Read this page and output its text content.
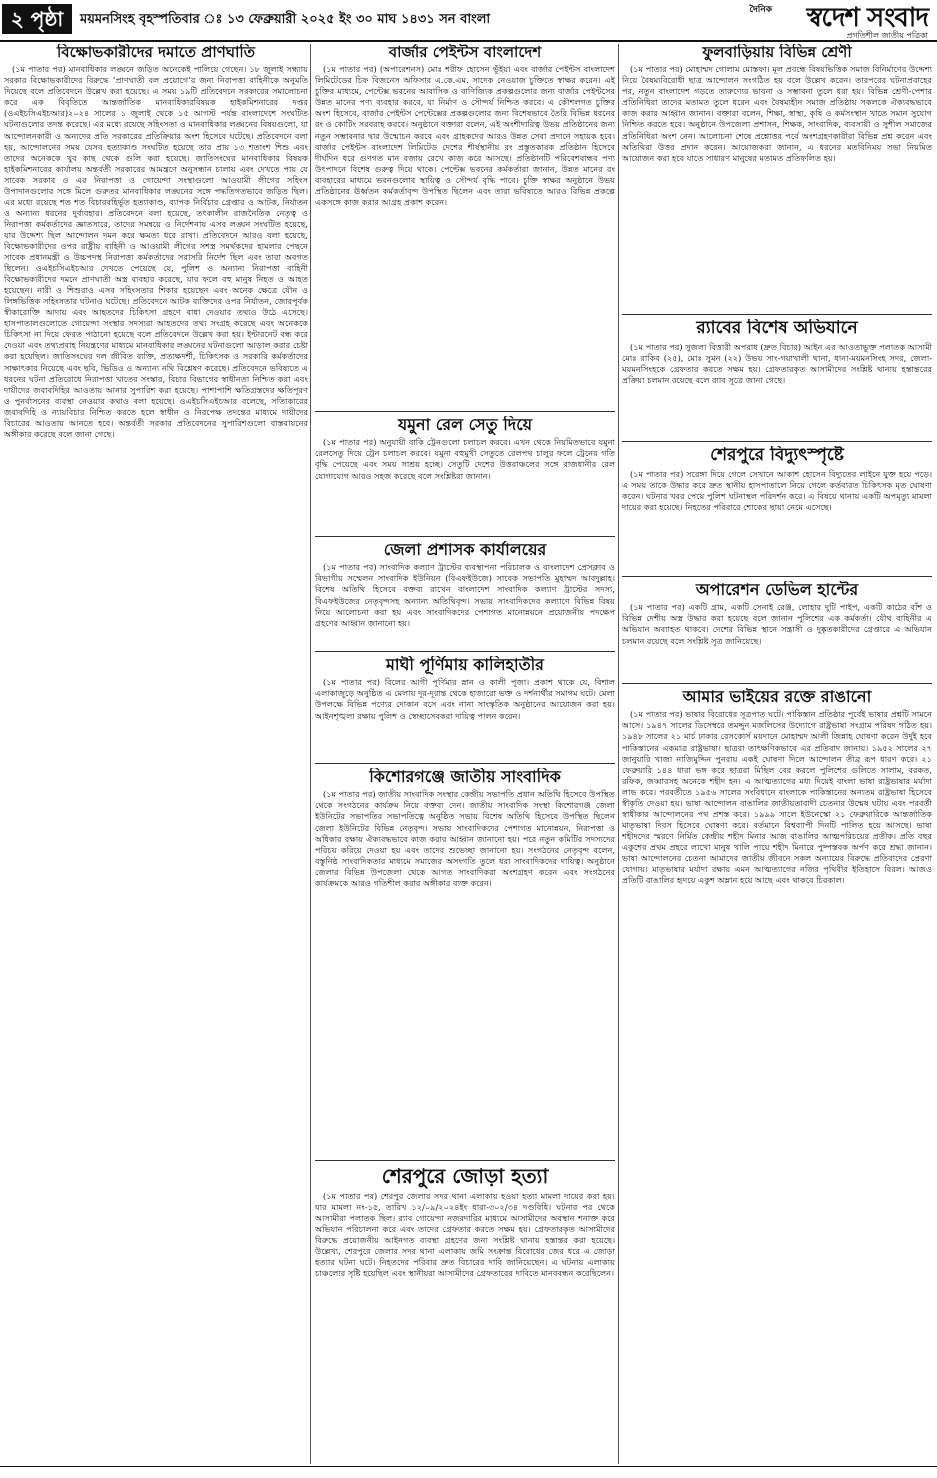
২ পৃষ্ঠা	ময়মনসিংহ বৃহস্পতিবার ঃ ১৩ ফেব্রুয়ারী ২০২৫ ইং ৩০ মাঘ ১৪৩১ সন বাংলা
দৈনিক স্বদেশ সংবাদ
প্রগতিশীল জাতীয় পত্রিকা
বিক্ষোভকারীদের দমাতে প্রাণঘাতি

(১ম পাতার পর) মানবাধিকার লঙ্ঘনে জড়িত অনেকেই পালিয়ে গেছেন। ১৮ জুলাই সন্ধ্যায় সরকার বিক্ষোভকারীদের বিরুদ্ধে ‘প্রাণঘাতী বল প্রয়োগে’র জন্য নিরাপত্তা বাহিনীকে অনুমতি দিয়েছে বলে প্রতিবেদনে উল্লেখ করা হয়েছে। এ সময় ১৯টি প্রতিবেদনে সরকারের সমালোচনা করে এক বিবৃতিতে আন্তর্জাতিক মানবাধিকারবিষয়ক হাইকমিশনারের দপ্তর (ওএইচসিএইচআর)২০২৪ সালের ১ জুলাই থেকে ১৫ আগস্ট পর্যন্ত বাংলাদেশে সংঘটিত ঘটনাগুলোর তদন্ত করেছে। এর মধ্যে রয়েছে সহিংসতা ও মানবাধিকার লঙ্ঘনের বিষয়গুলো, যা আন্দোলনকারী ও অন্যদের প্রতি সরকারের প্রতিক্রিয়ার অংশ হিসেবে ঘটেছে। প্রতিবেদনে বলা হয়, আন্দোলনের সময় যেসব হত্যাকাণ্ড সংঘটিত হয়েছে তার প্রায় ১৩ শতাংশ শিশু এবং তাদের অনেককে খুব কাছ থেকে গুলি করা হয়েছে। জাতিসংঘের মানবাধিকার বিষয়ক হাইকমিশনারের কার্যালয় অন্তর্বর্তী সরকারের আমন্ত্রণে অনুসন্ধান চালায় এবং দেখতে পায় যে সাবেক সরকার ও এর নিরাপত্তা ও গোয়েন্দা সংস্থাগুলো আওয়ামী লীগের সহিংস উপাদানগুলোর সঙ্গে মিলে গুরুতর মানবাধিকার লঙ্ঘনের সঙ্গে পদ্ধতিগতভাবে জড়িত ছিল। এর মধ্যে রয়েছে শত শত বিচারবহির্ভূত হত্যাকাণ্ড, ব্যাপক নির্বিচার গ্রেপ্তার ও আটক, নির্যাতন ও অন্যান্য ধরনের দুর্ব্যবহার। প্রতিবেদনে বলা হয়েছে, তৎকালীন রাজনৈতিক নেতৃত্ব ও নিরাপত্তা কর্মকর্তাদের জ্ঞাতসারে, তাদের সমন্বয়ে ও নির্দেশনায় এসব লঙ্ঘন সংঘটিত হয়েছে, যার উদ্দেশ্য ছিল আন্দোলন দমন করে ক্ষমতা ধরে রাখা। প্রতিবেদনে আরও বলা হয়েছে, বিক্ষোভকারীদের ওপর রাষ্ট্রীয় বাহিনী ও আওয়ামী লীগের সশস্ত্র সমর্থকদের হামলার পেছনে সাবেক প্রধানমন্ত্রী ও উচ্চপদস্থ নিরাপত্তা কর্মকর্তাদের সরাসরি নির্দেশ ছিল এবং তারা অবগত ছিলেন। ওএইচসিএইচআর দেখতে পেয়েছে যে, পুলিশ ও অন্যান্য নিরাপত্তা বাহিনী বিক্ষোভকারীদের দমনে প্রাণঘাতী অস্ত্র ব্যবহার করেছে, যার ফলে বহু মানুষ নিহত ও আহত হয়েছেন। নারী ও শিশুরাও এসব সহিংসতার শিকার হয়েছেন এবং অনেক ক্ষেত্রে যৌন ও লিঙ্গভিত্তিক সহিংসতার ঘটনাও ঘটেছে। প্রতিবেদনে আটক ব্যক্তিদের ওপর নির্যাতন, জোরপূর্বক স্বীকারোক্তি আদায় এবং আহতদের চিকিৎসা গ্রহণে বাধা দেওয়ার তথ্যও উঠে এসেছে। হাসপাতালগুলোতে গোয়েন্দা সংস্থার সদস্যরা আহতদের তথ্য সংগ্রহ করেছে এবং অনেককে চিকিৎসা না দিয়ে ফেরত পাঠানো হয়েছে বলে প্রতিবেদনে উল্লেখ করা হয়। ইন্টারনেট বন্ধ করে দেওয়া এবং তথ্যপ্রবাহ নিয়ন্ত্রণের মাধ্যমে মানবাধিকার লঙ্ঘনের ঘটনাগুলো আড়াল করার চেষ্টা করা হয়েছিল। জাতিসংঘের দল জীবিত ব্যক্তি, প্রত্যক্ষদর্শী, চিকিৎসক ও সরকারি কর্মকর্তাদের সাক্ষাৎকার নিয়েছে এবং ছবি, ভিডিও ও অন্যান্য নথি বিশ্লেষণ করেছে। প্রতিবেদনে ভবিষ্যতে এ ধরনের ঘটনা প্রতিরোধে নিরাপত্তা খাতের সংস্কার, বিচার বিভাগের স্বাধীনতা নিশ্চিত করা এবং দায়ীদের জবাবদিহির আওতায় আনার সুপারিশ করা হয়েছে। পাশাপাশি ক্ষতিগ্রস্তদের ক্ষতিপূরণ ও পুনর্বাসনের ব্যবস্থা নেওয়ার কথাও বলা হয়েছে। ওএইচসিএইচআর বলেছে, সত্যিকারের জবাবদিহি ও ন্যায়বিচার নিশ্চিত করতে হলে স্বাধীন ও নিরপেক্ষ তদন্তের মাধ্যমে দায়ীদের বিচারের আওতায় আনতে হবে। অন্তর্বর্তী সরকার প্রতিবেদনের সুপারিশগুলো বাস্তবায়নের অঙ্গীকার করেছে বলে জানা গেছে।

বার্জার পেইন্টস বাংলাদেশ

(১ম পাতার পর) (অপারেশনস) মোঃ শরীফ হোসেন ভূঁইয়া এবং বার্জার পেইন্টস বাংলাদেশ লিমিটেডের চিফ বিজনেস অফিসার এ.কে.এম. সাদেক নেওয়াজ চুক্তিতে স্বাক্ষর করেন। এই চুক্তির মাধ্যমে, পেন্টেক্স ভবনের আবাসিক ও বাণিজ্যিক প্রকল্পগুলোর জন্য বার্জার পেইন্টসের উন্নত মানের পণ্য ব্যবহার করবে, যা নির্মাণ ও সৌন্দর্য নিশ্চিত করবে। এ কৌশলগত চুক্তির অংশ হিসেবে, বার্জার পেইন্টস পেন্টেক্সের প্রকল্পগুলোর জন্য বিশেষভাবে তৈরি বিভিন্ন ধরনের রং ও কোটিং সরবরাহ করবে। অনুষ্ঠানে বক্তারা বলেন, এই অংশীদারিত্ব উভয় প্রতিষ্ঠানের জন্য নতুন সম্ভাবনার দ্বার উন্মোচন করবে এবং গ্রাহকদের আরও উন্নত সেবা প্রদানে সহায়ক হবে। বার্জার পেইন্টস বাংলাদেশ লিমিটেড দেশের শীর্ষস্থানীয় রং প্রস্তুতকারক প্রতিষ্ঠান হিসেবে দীর্ঘদিন ধরে গুণগত মান বজায় রেখে কাজ করে আসছে। প্রতিষ্ঠানটি পরিবেশবান্ধব পণ্য উৎপাদনে বিশেষ গুরুত্ব দিয়ে থাকে। পেন্টেক্স ভবনের কর্মকর্তারা জানান, উন্নত মানের রং ব্যবহারের মাধ্যমে ভবনগুলোর স্থায়িত্ব ও সৌন্দর্য বৃদ্ধি পাবে। চুক্তি স্বাক্ষর অনুষ্ঠানে উভয় প্রতিষ্ঠানের ঊর্ধ্বতন কর্মকর্তাবৃন্দ উপস্থিত ছিলেন এবং তারা ভবিষ্যতে আরও বিভিন্ন প্রকল্পে একসঙ্গে কাজ করার আগ্রহ প্রকাশ করেন।

যমুনা রেল সেতু দিয়ে

(১ম পাতার পর) অনুযায়ী বাকি ট্রেনগুলো চলাচল করবে। এখন থেকে নিয়মিতভাবে যমুনা রেলসেতু দিয়ে ট্রেন চলাচল করবে। যমুনা বহুমুখী সেতুতে রেলপথ চালুর ফলে ট্রেনের গতি বৃদ্ধি পেয়েছে এবং সময় সাশ্রয় হচ্ছে। সেতুটি দেশের উত্তরাঞ্চলের সঙ্গে রাজধানীর রেল যোগাযোগ আরও সহজ করেছে বলে সংশ্লিষ্টরা জানান।

জেলা প্রশাসক কার্যালয়ের

(১ম পাতার পর) সাংবাদিক কল্যাণ ট্রাস্টের ব্যবস্থাপনা পরিচালক ও বাংলাদেশ প্রেসক্লাব ও বিভাগীয় সম্মেলন সাংবাদিক ইউনিয়ন (বিএফইউজে) সাবেক সভাপতি মুহাম্মদ আবদুল্লাহ। বিশেষ অতিথি হিসেবে বক্তব্য রাখেন বাংলাদেশ সাংবাদিক কল্যাণ ট্রাস্টের সদস্য, বিএফইউজের নেতৃবৃন্দসহ অন্যান্য অতিথিবৃন্দ। সভায় সাংবাদিকদের কল্যাণে বিভিন্ন বিষয় নিয়ে আলোচনা করা হয় এবং সাংবাদিকদের পেশাগত মানোন্নয়নে প্রয়োজনীয় পদক্ষেপ গ্রহণের আহ্বান জানানো হয়।

মাঘী পূর্ণিমায় কালিহাতীর

(১ম পাতার পর) বিলের আগী পূর্ণিমার স্নান ও কালী পূজা। প্রকাশ থাকে যে, বিশাল এলাকাজুড়ে অনুষ্ঠিত এ মেলায় দূর-দূরান্ত থেকে হাজারো ভক্ত ও দর্শনার্থীর সমাগম ঘটে। মেলা উপলক্ষে বিভিন্ন পণ্যের দোকান বসে এবং নানা সাংস্কৃতিক অনুষ্ঠানের আয়োজন করা হয়। আইনশৃঙ্খলা রক্ষায় পুলিশ ও স্বেচ্ছাসেবকরা দায়িত্ব পালন করেন।

কিশোরগঞ্জে জাতীয় সাংবাদিক

(১ম পাতার পর) জাতীয় সাংবাদিক সংস্থার কেন্দ্রীয় সভাপতি প্রধান অতিথি হিসেবে উপস্থিত থেকে সংগঠনের কার্যক্রম নিয়ে বক্তব্য দেন। জাতীয় সাংবাদিক সংস্থা কিশোরগঞ্জ জেলা ইউনিটের সভাপতির সভাপতিত্বে অনুষ্ঠিত সভায় বিশেষ অতিথি হিসেবে উপস্থিত ছিলেন জেলা ইউনিটের বিভিন্ন নেতৃবৃন্দ। সভায় সাংবাদিকদের পেশাগত মানোন্নয়ন, নিরাপত্তা ও অধিকার রক্ষায় ঐক্যবদ্ধভাবে কাজ করার আহ্বান জানানো হয়। পরে নতুন কমিটির সদস্যদের পরিচয় করিয়ে দেওয়া হয় এবং তাদের শুভেচ্ছা জানানো হয়। সংগঠনের নেতৃবৃন্দ বলেন, বস্তুনিষ্ঠ সাংবাদিকতার মাধ্যমে সমাজের অসংগতি তুলে ধরা সাংবাদিকদের দায়িত্ব। অনুষ্ঠানে জেলার বিভিন্ন উপজেলা থেকে আগত সাংবাদিকরা অংশগ্রহণ করেন এবং সংগঠনের কার্যক্রমকে আরও গতিশীল করার অঙ্গীকার ব্যক্ত করেন।

শেরপুরে জোড়া হত্যা

(১ম পাতার পর) শেরপুর জেলার সদর থানা এলাকায় হওয়া হত্যা মামলা দায়ের করা হয়। যার মামলা নং-১৫, তারিখ ১২/০৯/২০২৪ইং ধারা-৩০২/৩৪ দণ্ডবিধি। ঘটনার পর থেকে আসামীরা পলাতক ছিল। র‌্যাব গোয়েন্দা নজরদারির মাধ্যমে আসামীদের অবস্থান শনাক্ত করে অভিযান পরিচালনা করে এবং তাদের গ্রেফতার করতে সক্ষম হয়। গ্রেফতারকৃত আসামীদের বিরুদ্ধে প্রয়োজনীয় আইনগত ব্যবস্থা গ্রহণের জন্য সংশ্লিষ্ট থানায় হস্তান্তর করা হয়েছে। উল্লেখ্য, শেরপুরে জেলার সদর থানা এলাকায় জমি সংক্রান্ত বিরোধের জের ধরে এ জোড়া হত্যার ঘটনা ঘটে। নিহতদের পরিবার দ্রুত বিচারের দাবি জানিয়েছেন। এ ঘটনায় এলাকায় চাঞ্চল্যের সৃষ্টি হয়েছিল এবং স্থানীয়রা আসামীদের গ্রেফতারের দাবিতে মানববন্ধন করেছিলেন।

ফুলবাড়িয়ায় বিভিন্ন শ্রেণী

(১ম পাতার পর) মোহাম্মদ গোলাম মোস্তফা। মূল প্রবন্ধে বিষয়ভিত্তিক সমাজ বিনির্মাণের উদ্দেশ্য নিয়ে বৈষম্যবিরোধী ছাত্র আন্দোলন সংগঠিত হয় বলে উল্লেখ করেন। তারপরের ঘটনাপ্রবাহের পর, নতুন বাংলাদেশ গড়তে তারুণ্যের ভাবনা ও সম্ভাবনা তুলে ধরা হয়। বিভিন্ন শ্রেণী-পেশার প্রতিনিধিরা তাদের মতামত তুলে ধরেন এবং বৈষম্যহীন সমাজ প্রতিষ্ঠায় সকলকে ঐক্যবদ্ধভাবে কাজ করার আহ্বান জানান। বক্তারা বলেন, শিক্ষা, স্বাস্থ্য, কৃষি ও কর্মসংস্থান খাতে সমান সুযোগ নিশ্চিত করতে হবে। অনুষ্ঠানে উপজেলা প্রশাসন, শিক্ষক, সাংবাদিক, ব্যবসায়ী ও সুশীল সমাজের প্রতিনিধিরা অংশ নেন। আলোচনা শেষে প্রশ্নোত্তর পর্বে অংশগ্রহণকারীরা বিভিন্ন প্রশ্ন করেন এবং অতিথিরা উত্তর প্রদান করেন। আয়োজকরা জানান, এ ধরনের মতবিনিময় সভা নিয়মিত আয়োজন করা হবে যাতে সাধারণ মানুষের মতামত প্রতিফলিত হয়।

র‌্যাবের বিশেষ অভিযানে

(১ম পাতার পর) সুজলা বিত্তারী অপরাধ (দ্রুত বিচার) আইন এর আওতাভুক্ত পলাতক আসামী মোঃ রাকিব (২৫), মোঃ সুমন (২২) উভয় সাং-গয়াখালী থানা, ধানা-ময়মনসিংহ সদর, জেলা-ময়মনসিংহকে গ্রেফতার করতে সক্ষম হয়। গ্রেফতারকৃত আসামীদের সংশ্লিষ্ট থানায় হস্তান্তরের প্রক্রিয়া চলমান রয়েছে বলে র‌্যাব সূত্রে জানা গেছে।

শেরপুরে বিদ্যুৎস্পৃষ্টে

(১ম পাতার পর) সরেঙ্গা দিয়ে গেলে সেখানে আকাশ হোসেন বিদ্যুতের লাইনে যুক্ত হয়ে পড়ে। এ সময় তাকে উদ্ধার করে দ্রুত স্থানীয় হাসপাতালে নিয়ে গেলে কর্তব্যরত চিকিৎসক মৃত ঘোষণা করেন। ঘটনার খবর পেয়ে পুলিশ ঘটনাস্থল পরিদর্শন করে। এ বিষয়ে থানায় একটি অপমৃত্যু মামলা দায়ের করা হয়েছে। নিহতের পরিবারে শোকের ছায়া নেমে এসেছে।

অপারেশন ডেভিল হান্টের

(১ম পাতার পর) একটি গ্রাম, একটি সেনাই রেঞ্জ, লোহার দুটি পাইপ, একটি কাঠের বাঁশ ও বিভিন্ন দেশীয় অস্ত্র উদ্ধার করা হয়েছে বলে জানান পুলিশের এক কর্মকর্তা। যৌথ বাহিনীর এ অভিযান অব্যাহত থাকবে। দেশের বিভিন্ন স্থানে সন্ত্রাসী ও দুষ্কৃতকারীদের গ্রেপ্তারে এ অভিযান চলমান রয়েছে বলে সংশ্লিষ্ট সূত্র জানিয়েছে।

আমার ভাইয়ের রক্তে রাঙানো

(১ম পাতার পর) ভাষার বিরোধের সূত্রপাত ঘটে। পাকিস্তান প্রতিষ্ঠার পূর্বেই ভাষার প্রশ্নটি সামনে আসে। ১৯৪৭ সালের ডিসেম্বরে তমদ্দুন মজলিসের উদ্যোগে রাষ্ট্রভাষা সংগ্রাম পরিষদ গঠিত হয়। ১৯৪৮ সালের ২১ মার্চ ঢাকার রেসকোর্স ময়দানে মোহাম্মদ আলী জিন্নাহ ঘোষণা করেন উর্দুই হবে পাকিস্তানের একমাত্র রাষ্ট্রভাষা। ছাত্ররা তাৎক্ষণিকভাবে এর প্রতিবাদ জানায়। ১৯৫২ সালের ২৭ জানুয়ারি খাজা নাজিমুদ্দিন পুনরায় একই ঘোষণা দিলে আন্দোলন তীব্র রূপ ধারণ করে। ২১ ফেব্রুয়ারি ১৪৪ ধারা ভঙ্গ করে ছাত্ররা মিছিল বের করলে পুলিশের গুলিতে সালাম, বরকত, রফিক, জব্বারসহ অনেকে শহীদ হন। এ আত্মত্যাগের মধ্য দিয়েই বাংলা ভাষা রাষ্ট্রভাষার মর্যাদা লাভ করে। পরবর্তীতে ১৯৫৬ সালের সংবিধানে বাংলাকে পাকিস্তানের অন্যতম রাষ্ট্রভাষা হিসেবে স্বীকৃতি দেওয়া হয়। ভাষা আন্দোলন বাঙালির জাতীয়তাবাদী চেতনার উন্মেষ ঘটায় এবং পরবর্তী স্বাধীকার আন্দোলনের পথ প্রশস্ত করে। ১৯৯৯ সালে ইউনেস্কো ২১ ফেব্রুয়ারিকে আন্তর্জাতিক মাতৃভাষা দিবস হিসেবে ঘোষণা করে। বর্তমানে বিশ্বব্যাপী দিনটি পালিত হয়ে আসছে। ভাষা শহীদদের স্মরণে নির্মিত কেন্দ্রীয় শহীদ মিনার আজ বাঙালির আত্মপরিচয়ের প্রতীক। প্রতি বছর একুশের প্রথম প্রহরে লাখো মানুষ খালি পায়ে শহীদ মিনারে পুষ্পস্তবক অর্পণ করে শ্রদ্ধা জানান। ভাষা আন্দোলনের চেতনা আমাদের জাতীয় জীবনে সকল অন্যায়ের বিরুদ্ধে প্রতিবাদের প্রেরণা যোগায়। মাতৃভাষার মর্যাদা রক্ষায় এমন আত্মত্যাগের নজির পৃথিবীর ইতিহাসে বিরল। আজও প্রতিটি বাঙালির হৃদয়ে একুশ অম্লান হয়ে আছে এবং থাকবে চিরকাল।
